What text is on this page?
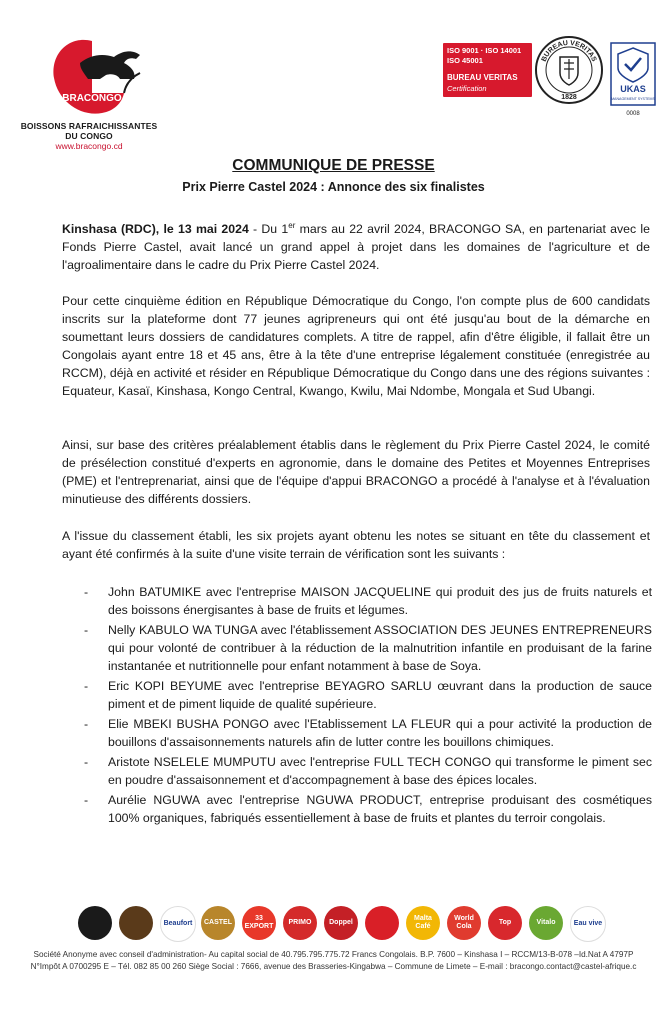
BRACONGO
BOISSONS RAFRAICHISSANTES
DU CONGO
www.bracongo.cd
ISO 9001 · ISO 14001
ISO 45001
BUREAU VERITAS
Certification
BUREAU VERITAS
1828
UKAS
MANAGEMENT SYSTEMS
0008
COMMUNIQUE DE PRESSE
Prix Pierre Castel 2024 : Annonce des six finalistes
Kinshasa (RDC), le 13 mai 2024 - Du 1er mars au 22 avril 2024, BRACONGO SA, en partenariat avec le Fonds Pierre Castel, avait lancé un grand appel à projet dans les domaines de l'agriculture et de l'agroalimentaire dans le cadre du Prix Pierre Castel 2024.
Pour cette cinquième édition en République Démocratique du Congo, l'on compte plus de 600 candidats inscrits sur la plateforme dont 77 jeunes agripreneurs qui ont été jusqu'au bout de la démarche en soumettant leurs dossiers de candidatures complets. A titre de rappel, afin d'être éligible, il fallait être un Congolais ayant entre 18 et 45 ans, être à la tête d'une entreprise légalement constituée (enregistrée au RCCM), déjà en activité et résider en République Démocratique du Congo dans une des régions suivantes : Equateur, Kasaï, Kinshasa, Kongo Central, Kwango, Kwilu, Mai Ndombe, Mongala et Sud Ubangi.
Ainsi, sur base des critères préalablement établis dans le règlement du Prix Pierre Castel 2024, le comité de présélection constitué d'experts en agronomie, dans le domaine des Petites et Moyennes Entreprises (PME) et l'entreprenariat, ainsi que de l'équipe d'appui BRACONGO a procédé à l'analyse et à l'évaluation minutieuse des différents dossiers.
A l'issue du classement établi, les six projets ayant obtenu les notes se situant en tête du classement et ayant été confirmés à la suite d'une visite terrain de vérification sont les suivants :
- John BATUMIKE avec l'entreprise MAISON JACQUELINE qui produit des jus de fruits naturels et des boissons énergisantes à base de fruits et légumes.
- Nelly KABULO WA TUNGA avec l'établissement ASSOCIATION DES JEUNES ENTREPRENEURS qui pour volonté de contribuer à la réduction de la malnutrition infantile en produisant de la farine instantanée et nutritionnelle pour enfant notamment à base de Soya.
- Eric KOPI BEYUME avec l'entreprise BEYAGRO SARLU œuvrant dans la production de sauce piment et de piment liquide de qualité supérieure.
- Elie MBEKI BUSHA PONGO avec l'Etablissement LA FLEUR qui a pour activité la production de bouillons d'assaisonnements naturels afin de lutter contre les bouillons chimiques.
- Aristote NSELELE MUMPUTU avec l'entreprise FULL TECH CONGO qui transforme le piment sec en poudre d'assaisonnement et d'accompagnement à base des épices locales.
- Aurélie NGUWA avec l'entreprise NGUWA PRODUCT, entreprise produisant des cosmétiques 100% organiques, fabriqués essentiellement à base de fruits et plantes du terroir congolais.
Beaufort	CASTEL
33 EXPORT
PRIMO	Doppel
Malta Café
World Cola
Top	Vitalo	Eau vive
Société Anonyme avec conseil d'administration- Au capital social de 40.795.795.775.72 Francs Congolais. B.P. 7600 – Kinshasa I – RCCM/13-B-078 –Id.Nat A 4797P
N°Impôt A 0700295 E – Tél. 082 85 00 260 Siège Social : 7666, avenue des Brasseries-Kingabwa – Commune de Limete – E-mail : bracongo.contact@castel-afrique.c
